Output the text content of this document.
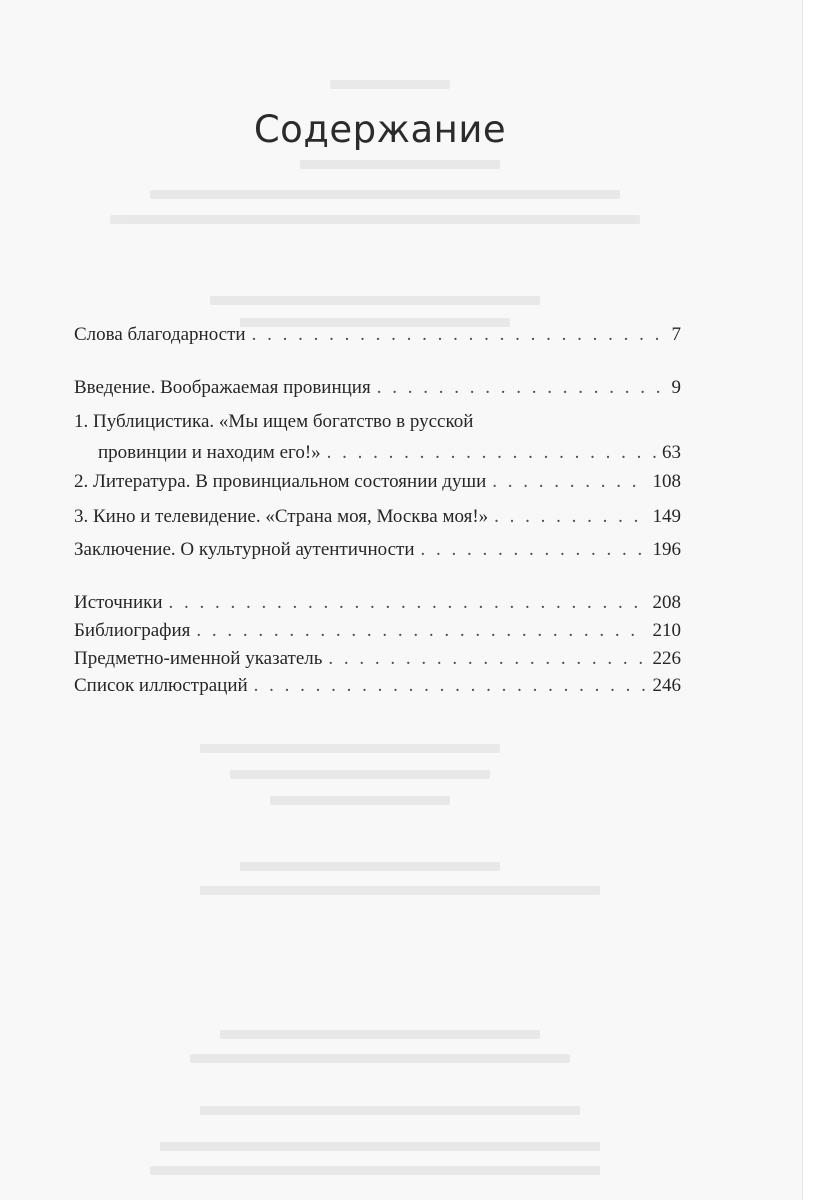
Содержание
Слова благодарности . . .	7
Введение. Воображаемая провинция . . .	9
1. Публицистика. «Мы ищем богатство в русской
провинции и находим его!» . . .	63
2. Литература. В провинциальном состоянии души . . .	108
3. Кино и телевидение. «Страна моя, Москва моя!» . . .	149
Заключение. О культурной аутентичности . . .	196
Источники . . .	208
Библиография . . .	210
Предметно-именной указатель . . .	226
Список иллюстраций . . .	246
